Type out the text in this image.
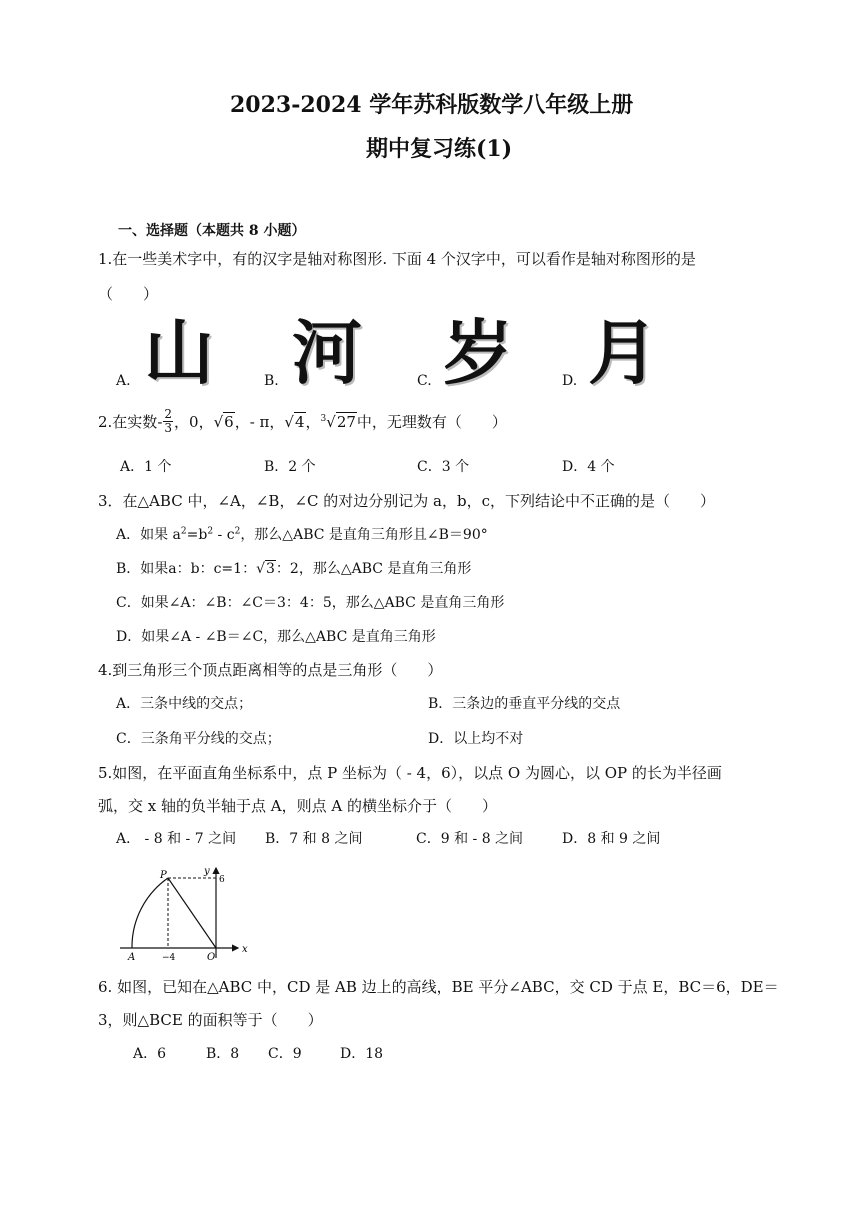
2023-2024 学年苏科版数学八年级上册
期中复习练(1)
一、选择题（本题共 8 小题）
1.在一些美术字中，有的汉字是轴对称图形. 下面 4 个汉字中，可以看作是轴对称图形的是
（　　）
A. 山	B. 河	C. 岁	D. 月
2.在实数 - $\frac{2}{3}$ ，0， √6 ，- π， √4 ， $^3$√27 中，无理数有（　　）
A．1 个	B．2 个	C．3 个	D．4 个
3．在△ABC 中，∠A，∠B，∠C 的对边分别记为 a，b，c，下列结论中不正确的是（　　）
A．如果 $a^2=b^2 - c^2$，那么△ABC 是直角三角形且∠B＝90°
B．如果a：b：c=1：√3：2，那么△ABC 是直角三角形
C．如果∠A：∠B：∠C＝3：4：5，那么△ABC 是直角三角形
D．如果∠A - ∠B＝∠C，那么△ABC 是直角三角形
4.到三角形三个顶点距离相等的点是三角形（　　）
A．三条中线的交点；	B．三条边的垂直平分线的交点
C．三条角平分线的交点；	D．以上均不对
5.如图，在平面直角坐标系中，点 P 坐标为（ - 4，6），以点 O 为圆心，以 OP 的长为半径画
弧，交 x 轴的负半轴于点 A，则点 A 的横坐标介于（　　）
A． - 8 和 - 7 之间 B．7 和 8 之间	C．9 和 - 8 之间	D．8 和 9 之间
P	y
6
A	−4	O
x
6. 如图，已知在△ABC 中，CD 是 AB 边上的高线，BE 平分∠ABC，交 CD 于点 E，BC＝6，DE＝
3，则△BCE 的面积等于（　　）
A．6	B．8 C．9	D．18
